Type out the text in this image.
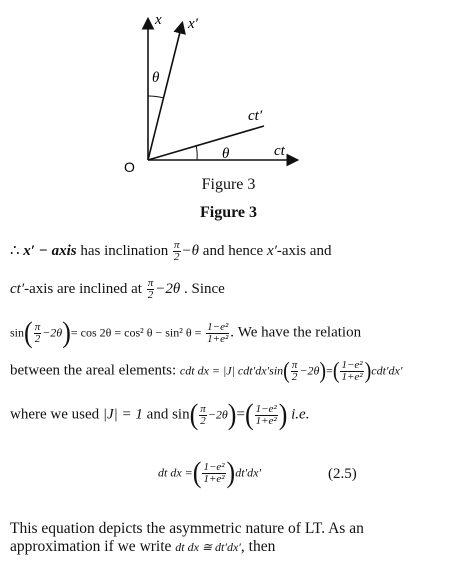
x x′
θ
ct′
ct
θ
O
Figure 3
Figure 3
∴ x′ − axis has inclination $\frac{\pi}{2} -\theta$ and hence x′-axis and
ct′-axis are inclined at $\frac{\pi}{2} -2\theta$ . Since
$\sin( \frac{\pi}{2} -2\theta)= \cos 2\theta = \cos^2$ θ − sin² $\theta = \frac{\text{1−e²}}{\text{1+e²}}$ . We have the relation
between the areal elements: cdt dx = |J| $cdt'dx'\sin( \frac{\pi}{2} -2\theta)=( \frac{\text{1−e²}}{\text{1+e²}} )cdt'dx'$
where we used |J| = 1 and $\sin( \frac{\pi}{2} -2\theta)=( \frac{\text{1−e²}}{\text{1+e²}}$ ) i.e.
dt dx =( $\frac{\text{1−e²}}{\text{1+e²}} )dt'dx'$	(2.5)
This equation depicts the asymmetric nature of LT. As an
approximation if we write dt dx ≅ dt′dx′, then
